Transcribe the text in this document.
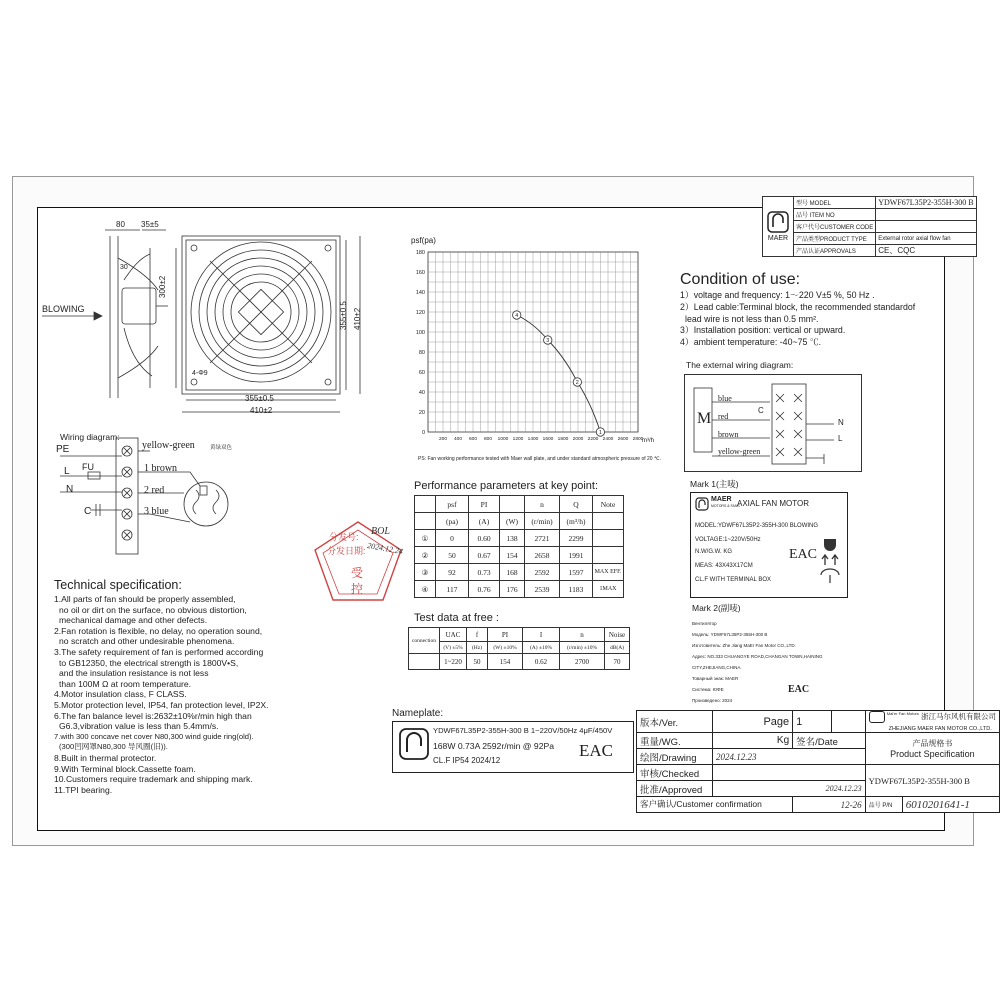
MAER	型号 MODEL	YDWF67L35P2-355H-300 B
	品号 ITEM NO	
	客户代号CUSTOMER CODE	
	产品类型PRODUCT TYPE	External rotor axial flow fan
	产品认证APPROVALS	CE、CQC
80 35±5
30
300±2
355±0.5 410±2
355±0.5
410±2
4-Φ9
BLOWING
Wiring diagram:
PE
L FU
N
C
yellow-green	黄绿双色
1 brown
2 red
3 blue
psf(pa)
0
20
40
60
80
100
120
140
160
180
200 400 600 800 1000 1200 1400 1600 1800 2000 2200 2400 2600 2800
4
3
2
1
m³/h
PS: Fan working performance tested with Maer wall plate, and under standard atmospheric pressure of 20 ℃.
Performance parameters at key point:
	psf	PI		n	Q	Note
	(pa)	(A)	(W)	(r/min)	(m³/h)	
①	0	0.60	138	2721	2299	
②	50	0.67	154	2658	1991	
③	92	0.73	168	2592	1597	MAX EFF.
④	117	0.76	176	2539	1183	1MAX
Test data at free :
connection	UAC	f	PI	I	n	Noise
	(V) ±5%	(Hz)	(W) ±10%	(A) ±10%	(r/min) ±10%	dB(A)
	1~220	50	154	0.62	2700	70
Technical specification:
1.All parts of fan should be properly assembled,
no oil or dirt on the surface, no obvious distortion,
mechanical damage and other defects.
2.Fan rotation is flexible, no delay, no operation sound,
no scratch and other undesirable phenomena.
3.The safety requirement of fan is performed according
to GB12350, the electrical strength is 1800V•S,
and the insulation resistance is not less
than 100M Ω at room temperature.
4.Motor insulation class, F CLASS.
5.Motor protection level, IP54, fan protection level, IP2X.
6.The fan balance level is:2632±10%r/min high than
G6.3,vibration value is less than 5.4mm/s.
7.with 300 concave net cover N80,300 wind guide ring(old).
(300凹网罩N80,300 导风圈(旧)).
8.Built in thermal protector.
9.With Terminal block.Cassette foam.
10.Customers require trademark and shipping mark.
11.TPI bearing.
Nameplate:
YDWF67L35P2-355H-300 B 1~220V/50Hz 4μF/450V
168W 0.73A 2592r/min @ 92Pa
CL.F IP54 2024/12
EAC
Condition of use:
1）voltage and frequency: 1～220 V±5 %, 50 Hz .
2）Lead cable:Terminal block, the recommended standardof
lead wire is not less than 0.5 mm².
3）Installation position: vertical or upward.
4）ambient temperature: -40~75 ℃.
The external wiring diagram:
M	C
blue
red
brown
yellow-green
N
L
Mark 1(主唛)
MAER
MOTORS & FANS
AXIAL FAN MOTOR
MODEL:YDWF67L35P2-355H-300 BLOWING
VOLTAGE:1~220V/50Hz
N.W/G.W. KG
MEAS: 43X43X17CM
CL.F WITH TERMINAL BOX
EAC
Mark 2(副唛)
Вентилятор
Модель: YDWF67L35P2-355H-300 B
Изготовитель: Zhe Jiang MaEr Fan Motor CO.,LTD.
Адрес: NO.333 CHUANGYE ROAD,CHANGAN TOWN,HAINING
CITY,ZHEJIANG,CHINA.
Товарный знак: MAER
Система: ЮФЕ
Произведено: 2024
EAC
分发号:
分发日期:
受
控
BOL
2024.12.24
版本/Ver.	Page	1		$^{Mal'er Fan Motors}$ 浙江马尔风机有限公司
ZHEJIANG MAER FAN MOTOR CO.,LTD.	
重量/WG.	Kg	签名/Date		产品规格书
Product Specification	

绘图/Drawing	2024.12.23				
审核/Checked				YDWF67L35P2-355H-300 B	
批准/Approved	2024.12.23				
客户确认/Customer confirmation		12-26		品号 P/N	6010201641-1
